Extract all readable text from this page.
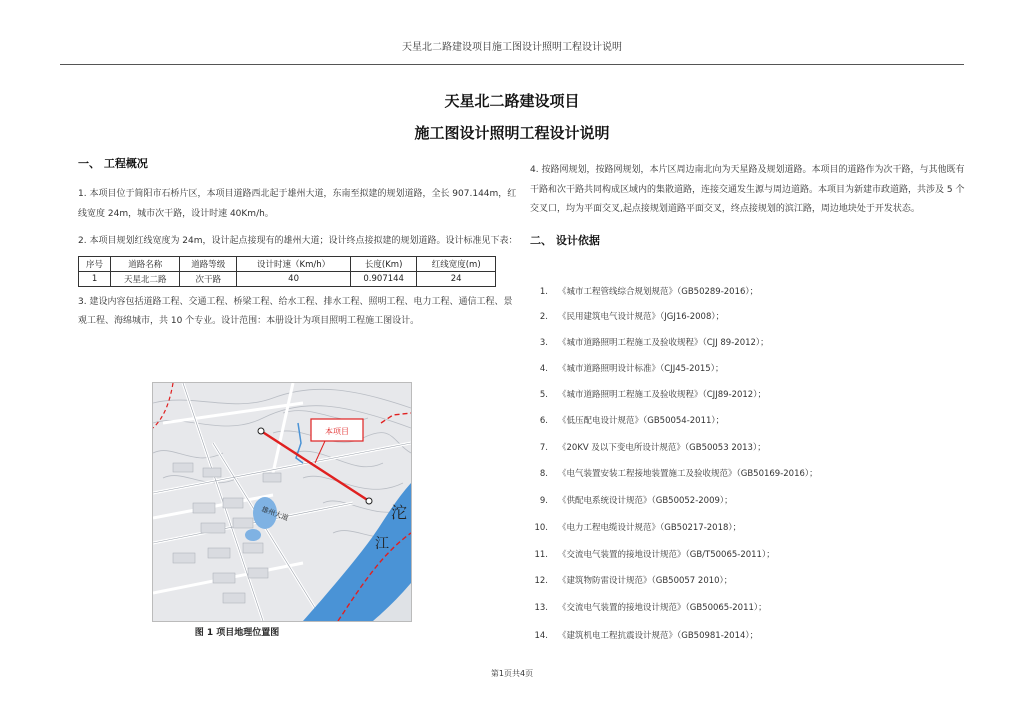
天星北二路建设项目施工图设计照明工程设计说明
天星北二路建设项目
施工图设计照明工程设计说明
一、 工程概况

1. 本项目位于简阳市石桥片区，本项目道路西北起于雄州大道，东南至拟建的规划道路，全长 907.144m，红线宽度 24m，城市次干路，设计时速 40Km/h。

2. 本项目规划红线宽度为 24m，设计起点接现有的雄州大道；设计终点接拟建的规划道路。设计标准见下表：

序号	道路名称	道路等级	设计时速（Km/h）	长度(Km)	红线宽度(m)
1	天星北二路	次干路	40	0.907144	24

3. 建设内容包括道路工程、交通工程、桥梁工程、给水工程、排水工程、照明工程、电力工程、通信工程、景观工程、海绵城市，共 10 个专业。设计范围：本册设计为项目照明工程施工图设计。

本项目
雄州大道	沱
江
图 1 项目地理位置图

4. 按路网规划，按路网规划，本片区周边南北向为天星路及规划道路。本项目的道路作为次干路，与其他既有干路和次干路共同构成区域内的集散道路，连接交通发生源与周边道路。本项目为新建市政道路，共涉及 5 个交叉口，均为平面交叉,起点接规划道路平面交叉，终点接规划的滨江路，周边地块处于开发状态。

二、 设计依据
1. 《城市工程管线综合规划规范》（GB50289-2016）；
2. 《民用建筑电气设计规范》（JGJ16-2008）；
3. 《城市道路照明工程施工及验收规程》（CJJ 89-2012）；
4. 《城市道路照明设计标准》（CJJ45-2015）；
5. 《城市道路照明工程施工及验收规程》（CJJ89-2012）；
6. 《低压配电设计规范》（GB50054-2011）；
7. 《20KV 及以下变电所设计规范》（GB50053 2013）；
8. 《电气装置安装工程接地装置施工及验收规范》（GB50169-2016）；
9. 《供配电系统设计规范》（GB50052-2009）；
10. 《电力工程电缆设计规范》（GB50217-2018）；
11. 《交流电气装置的接地设计规范》（GB/T50065-2011）；
12. 《建筑物防雷设计规范》（GB50057 2010）；
13. 《交流电气装置的接地设计规范》（GB50065-2011）；
14. 《建筑机电工程抗震设计规范》（GB50981-2014）；
第1页共4页
